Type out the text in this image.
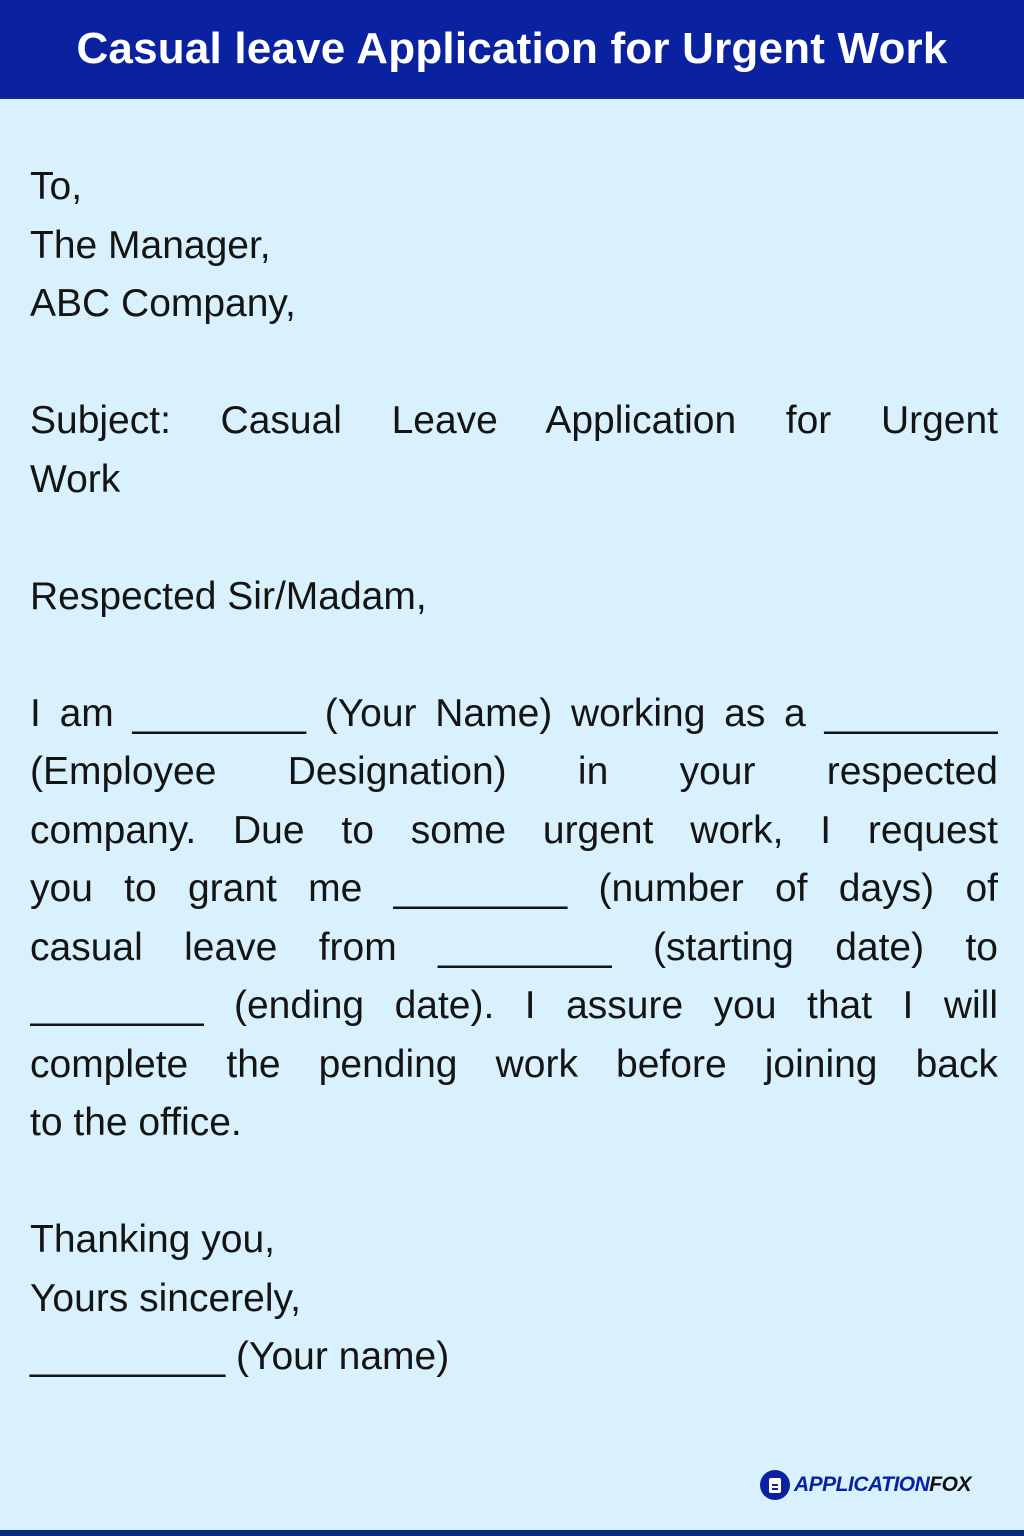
Casual leave Application for Urgent Work
To,
The Manager,
ABC Company,
Subject: Casual Leave Application for Urgent
Work
Respected Sir/Madam,
I am ________ (Your Name) working as a ________
(Employee Designation) in your respected
company. Due to some urgent work, I request
you to grant me ________ (number of days) of
casual leave from ________ (starting date) to
________ (ending date). I assure you that I will
complete the pending work before joining back
to the office.
Thanking you,
Yours sincerely,
_________ (Your name)
APPLICATION FOX
